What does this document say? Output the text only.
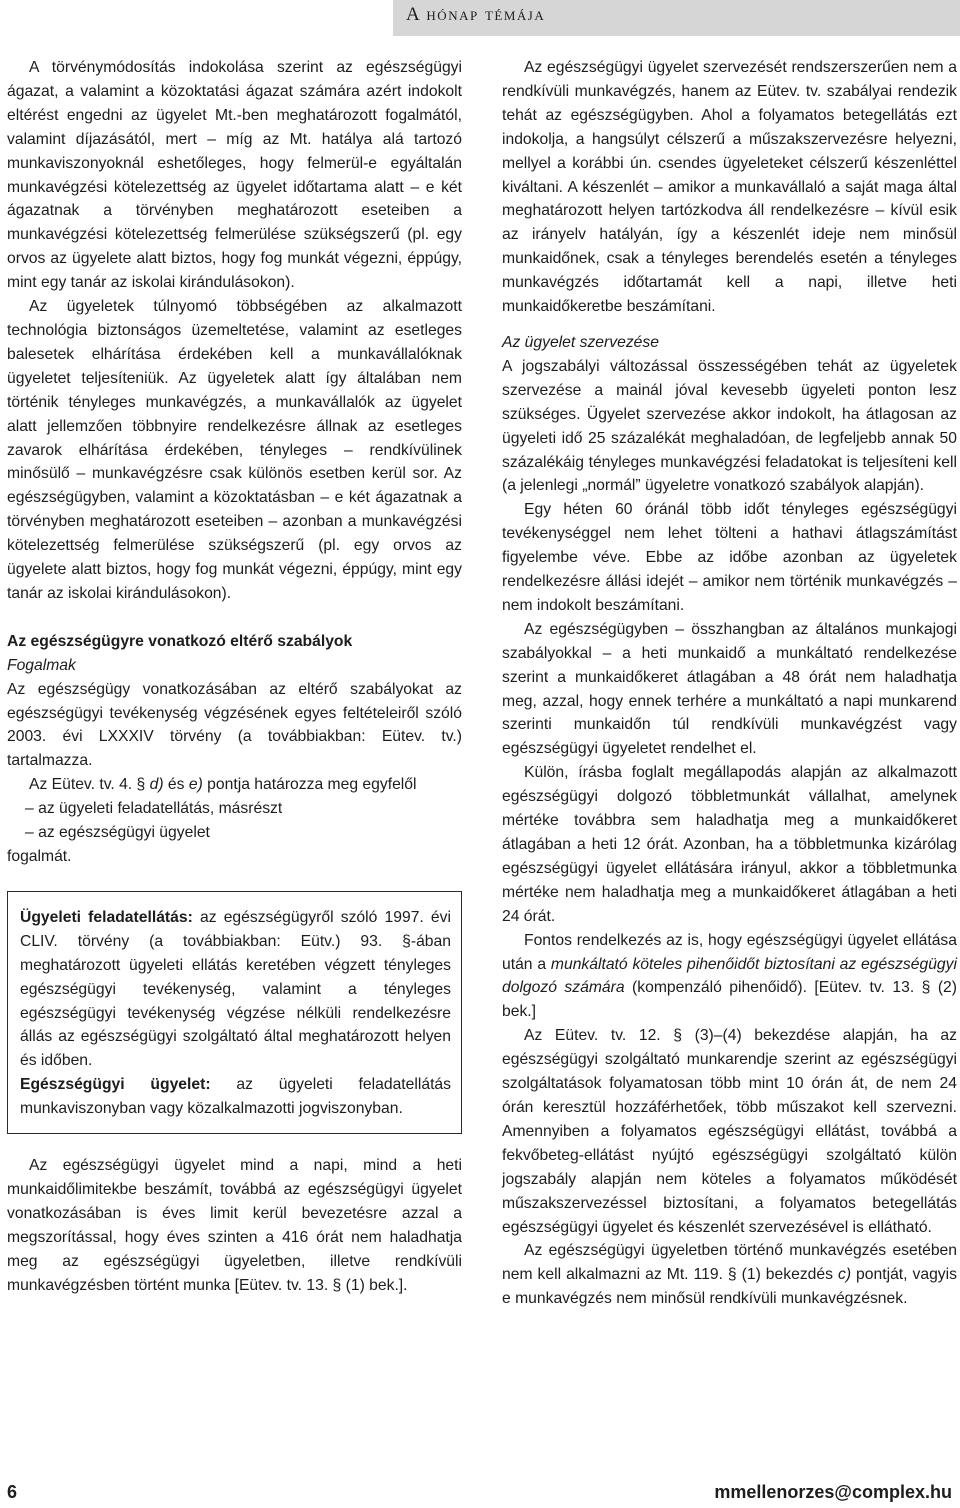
A hónap témája

A törvénymódosítás indokolása szerint az egészségügyi ágazat, a valamint a közoktatási ágazat számára azért indokolt eltérést engedni az ügyelet Mt.-ben meghatározott fogalmától, valamint díjazásától, mert – míg az Mt. hatálya alá tartozó munkaviszonyoknál eshetőleges, hogy felmerül-e egyáltalán munkavégzési kötelezettség az ügyelet időtartama alatt – e két ágazatnak a törvényben meghatározott eseteiben a munkavégzési kötelezettség felmerülése szükségszerű (pl. egy orvos az ügyelete alatt biztos, hogy fog munkát végezni, éppúgy, mint egy tanár az iskolai kirándulásokon).

Az ügyeletek túlnyomó többségében az alkalmazott technológia biztonságos üzemeltetése, valamint az esetleges balesetek elhárítása érdekében kell a munkavállalóknak ügyeletet teljesíteniük. Az ügyeletek alatt így általában nem történik tényleges munkavégzés, a munkavállalók az ügyelet alatt jellemzően többnyire rendelkezésre állnak az esetleges zavarok elhárítása érdekében, tényleges – rendkívülinek minősülő – munkavégzésre csak különös esetben kerül sor. Az egészségügyben, valamint a közoktatásban – e két ágazatnak a törvényben meghatározott eseteiben – azonban a munkavégzési kötelezettség felmerülése szükségszerű (pl. egy orvos az ügyelete alatt biztos, hogy fog munkát végezni, éppúgy, mint egy tanár az iskolai kirándulásokon).

Az egészségügyre vonatkozó eltérő szabályok

Fogalmak

Az egészségügy vonatkozásában az eltérő szabályokat az egészségügyi tevékenység végzésének egyes feltételeiről szóló 2003. évi LXXXIV törvény (a továbbiakban: Eütev. tv.) tartalmazza.

Az Eütev. tv. 4. § d) és e) pontja határozza meg egyfelől

– az ügyeleti feladatellátás, másrészt

– az egészségügyi ügyelet

fogalmát.

Ügyeleti feladatellátás: az egészségügyről szóló 1997. évi CLIV. törvény (a továbbiakban: Eütv.) 93. §-ában meghatározott ügyeleti ellátás keretében végzett tényleges egészségügyi tevékenység, valamint a tényleges egészségügyi tevékenység végzése nélküli rendelkezésre állás az egészségügyi szolgáltató által meghatározott helyen és időben.

Egészségügyi ügyelet: az ügyeleti feladatellátás munkaviszonyban vagy közalkalmazotti jogviszonyban.

Az egészségügyi ügyelet mind a napi, mind a heti munkaidőlimitekbe beszámít, továbbá az egészségügyi ügyelet vonatkozásában is éves limit kerül bevezetésre azzal a megszorítással, hogy éves szinten a 416 órát nem haladhatja meg az egészségügyi ügyeletben, illetve rendkívüli munkavégzésben történt munka [Eütev. tv. 13. § (1) bek.].

Az egészségügyi ügyelet szervezését rendszerszerűen nem a rendkívüli munkavégzés, hanem az Eütev. tv. szabályai rendezik tehát az egészségügyben. Ahol a folyamatos betegellátás ezt indokolja, a hangsúlyt célszerű a műszakszervezésre helyezni, mellyel a korábbi ún. csendes ügyeleteket célszerű készenléttel kiváltani. A készenlét – amikor a munkavállaló a saját maga által meghatározott helyen tartózkodva áll rendelkezésre – kívül esik az irányelv hatályán, így a készenlét ideje nem minősül munkaidőnek, csak a tényleges berendelés esetén a tényleges munkavégzés időtartamát kell a napi, illetve heti munkaidőkeretbe beszámítani.

Az ügyelet szervezése

A jogszabályi változással összességében tehát az ügyeletek szervezése a mainál jóval kevesebb ügyeleti ponton lesz szükséges. Ügyelet szervezése akkor indokolt, ha átlagosan az ügyeleti idő 25 százalékát meghaladóan, de legfeljebb annak 50 százalékáig tényleges munkavégzési feladatokat is teljesíteni kell (a jelenlegi „normál” ügyeletre vonatkozó szabályok alapján).

Egy héten 60 óránál több időt tényleges egészségügyi tevékenységgel nem lehet tölteni a hathavi átlagszámítást figyelembe véve. Ebbe az időbe azonban az ügyeletek rendelkezésre állási idejét – amikor nem történik munkavégzés – nem indokolt beszámítani.

Az egészségügyben – összhangban az általános munkajogi szabályokkal – a heti munkaidő a munkáltató rendelkezése szerint a munkaidőkeret átlagában a 48 órát nem haladhatja meg, azzal, hogy ennek terhére a munkáltató a napi munkarend szerinti munkaidőn túl rendkívüli munkavégzést vagy egészségügyi ügyeletet rendelhet el.

Külön, írásba foglalt megállapodás alapján az alkalmazott egészségügyi dolgozó többletmunkát vállalhat, amelynek mértéke továbbra sem haladhatja meg a munkaidőkeret átlagában a heti 12 órát. Azonban, ha a többletmunka kizárólag egészségügyi ügyelet ellátására irányul, akkor a többletmunka mértéke nem haladhatja meg a munkaidőkeret átlagában a heti 24 órát.

Fontos rendelkezés az is, hogy egészségügyi ügyelet ellátása után a munkáltató köteles pihenőidőt biztosítani az egészségügyi dolgozó számára (kompenzáló pihenőidő). [Eütev. tv. 13. § (2) bek.]

Az Eütev. tv. 12. § (3)–(4) bekezdése alapján, ha az egészségügyi szolgáltató munkarendje szerint az egészségügyi szolgáltatások folyamatosan több mint 10 órán át, de nem 24 órán keresztül hozzáférhetőek, több műszakot kell szervezni. Amennyiben a folyamatos egészségügyi ellátást, továbbá a fekvőbeteg-ellátást nyújtó egészségügyi szolgáltató külön jogszabály alapján nem köteles a folyamatos működését műszakszervezéssel biztosítani, a folyamatos betegellátás egészségügyi ügyelet és készenlét szervezésével is ellátható.

Az egészségügyi ügyeletben történő munkavégzés esetében nem kell alkalmazni az Mt. 119. § (1) bekezdés c) pontját, vagyis e munkavégzés nem minősül rendkívüli munkavégzésnek.

6	mmellenorzes@complex.hu
